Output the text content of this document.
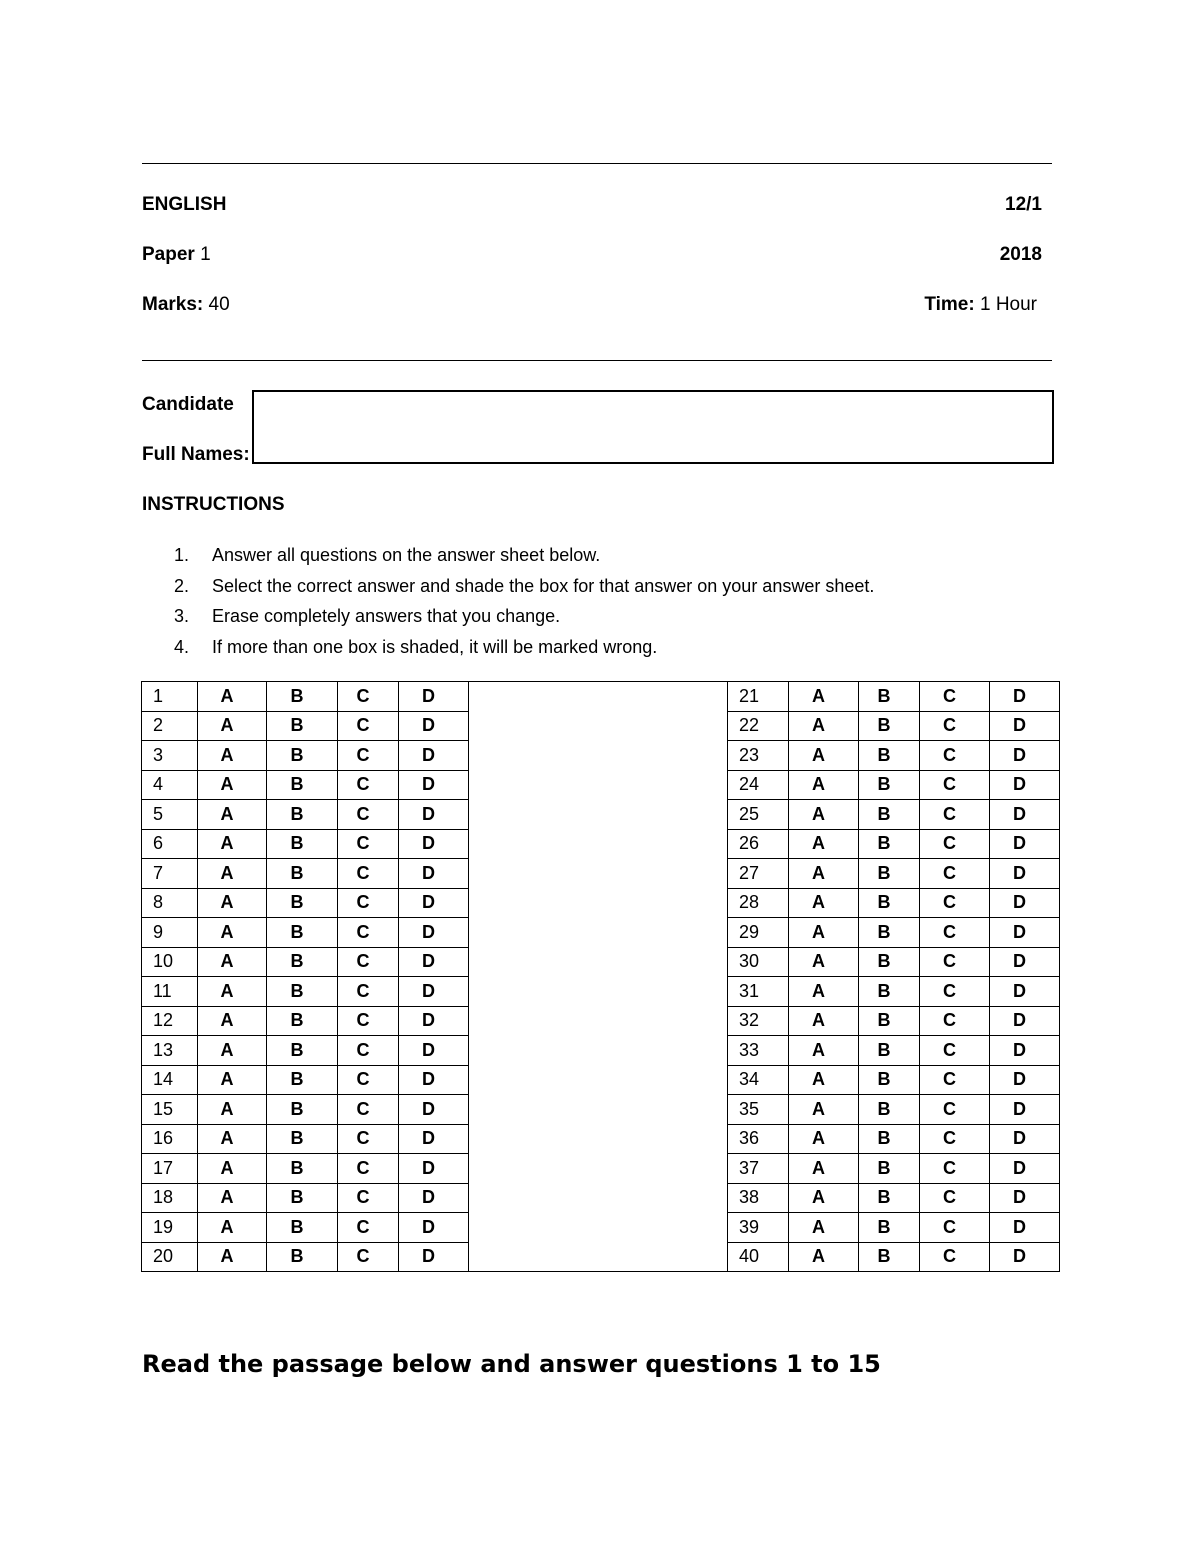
ENGLISH	12/1
Paper 1	2018
Marks: 40	Time: 1 Hour
Candidate
Full Names:
INSTRUCTIONS
1.	Answer all questions on the answer sheet below.
2.	Select the correct answer and shade the box for that answer on your answer sheet.
3.	Erase completely answers that you change.
4.	If more than one box is shaded, it will be marked wrong.
1	A	B	C	D		21	A	B	C	D
2	A	B	C	D		22	A	B	C	D
3	A	B	C	D		23	A	B	C	D
4	A	B	C	D		24	A	B	C	D
5	A	B	C	D		25	A	B	C	D
6	A	B	C	D		26	A	B	C	D
7	A	B	C	D		27	A	B	C	D
8	A	B	C	D		28	A	B	C	D
9	A	B	C	D		29	A	B	C	D
10	A	B	C	D		30	A	B	C	D
11	A	B	C	D		31	A	B	C	D
12	A	B	C	D		32	A	B	C	D
13	A	B	C	D		33	A	B	C	D
14	A	B	C	D		34	A	B	C	D
15	A	B	C	D		35	A	B	C	D
16	A	B	C	D		36	A	B	C	D
17	A	B	C	D		37	A	B	C	D
18	A	B	C	D		38	A	B	C	D
19	A	B	C	D		39	A	B	C	D
20	A	B	C	D		40	A	B	C	D
Read the passage below and answer questions 1 to 15
